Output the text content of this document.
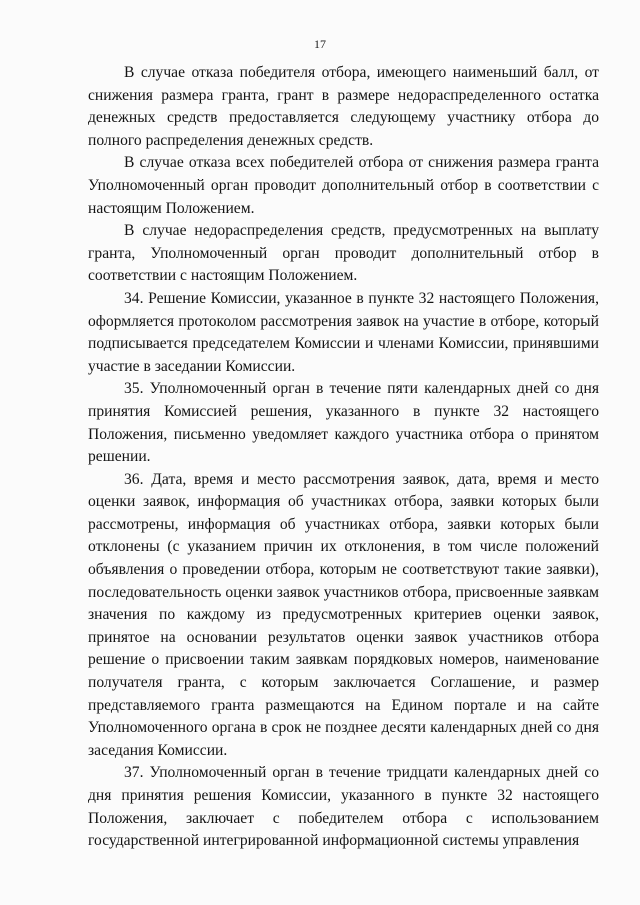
17

В случае отказа победителя отбора, имеющего наименьший балл, от снижения размера гранта, грант в размере недораспределенного остатка денежных средств предоставляется следующему участнику отбора до полного распределения денежных средств.

В случае отказа всех победителей отбора от снижения размера гранта Уполномоченный орган проводит дополнительный отбор в соответствии с настоящим Положением.

В случае недораспределения средств, предусмотренных на выплату гранта, Уполномоченный орган проводит дополнительный отбор в соответствии с настоящим Положением.

34. Решение Комиссии, указанное в пункте 32 настоящего Положения, оформляется протоколом рассмотрения заявок на участие в отборе, который подписывается председателем Комиссии и членами Комиссии, принявшими участие в заседании Комиссии.

35. Уполномоченный орган в течение пяти календарных дней со дня принятия Комиссией решения, указанного в пункте 32 настоящего Положения, письменно уведомляет каждого участника отбора о принятом решении.

36. Дата, время и место рассмотрения заявок, дата, время и место оценки заявок, информация об участниках отбора, заявки которых были рассмотрены, информация об участниках отбора, заявки которых были отклонены (с указанием причин их отклонения, в том числе положений объявления о проведении отбора, которым не соответствуют такие заявки), последовательность оценки заявок участников отбора, присвоенные заявкам значения по каждому из предусмотренных критериев оценки заявок, принятое на основании результатов оценки заявок участников отбора решение о присвоении таким заявкам порядковых номеров, наименование получателя гранта, с которым заключается Соглашение, и размер представляемого гранта размещаются на Едином портале и на сайте Уполномоченного органа в срок не позднее десяти календарных дней со дня заседания Комиссии.

37. Уполномоченный орган в течение тридцати календарных дней со дня принятия решения Комиссии, указанного в пункте 32 настоящего Положения, заключает с победителем отбора с использованием государственной интегрированной информационной системы управления
